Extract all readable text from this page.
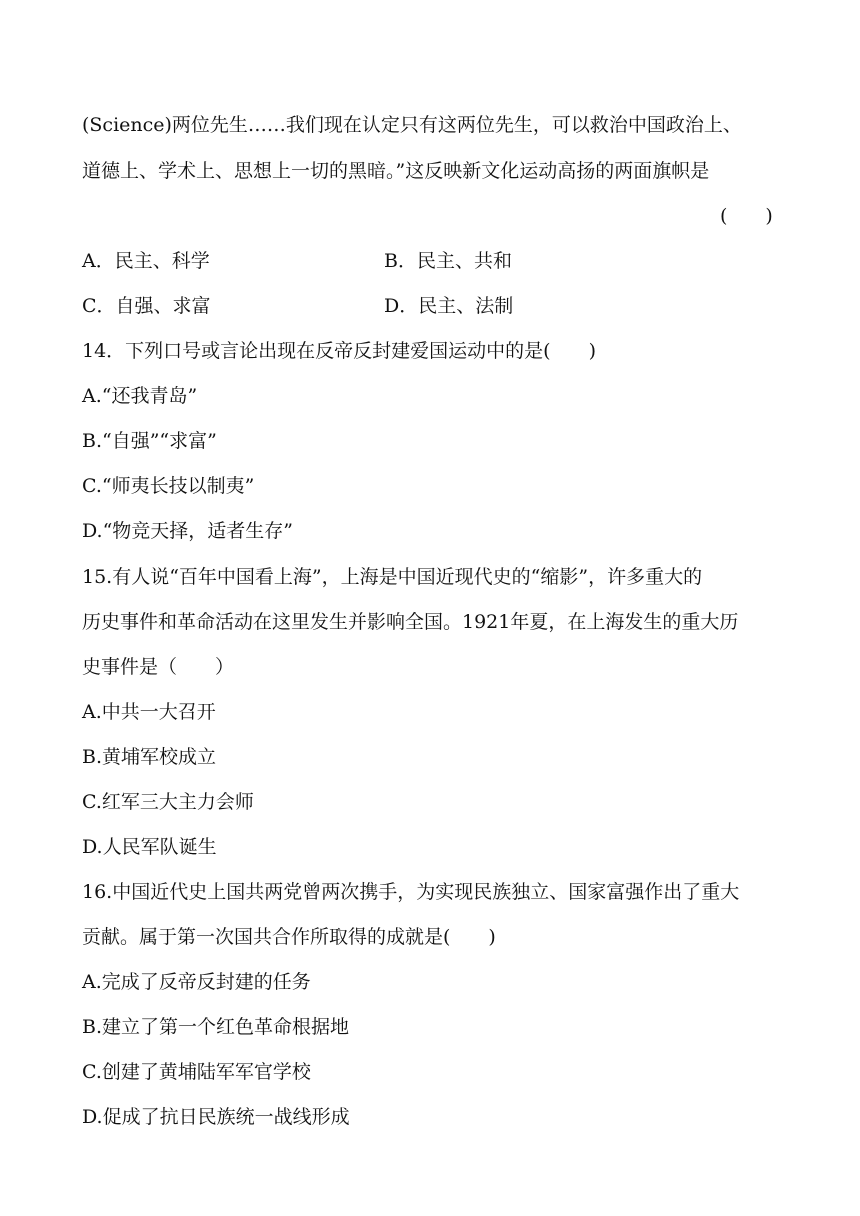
(Science)两位先生……我们现在认定只有这两位先生，可以救治中国政治上、
道德上、学术上、思想上一切的黑暗。”这反映新文化运动高扬的两面旗帜是
(　　)
A．民主、科学	B．民主、共和
C．自强、求富	D．民主、法制
14．下列口号或言论出现在反帝反封建爱国运动中的是(　　)
A.“还我青岛”
B.“自强”“求富”
C.“师夷长技以制夷”
D.“物竞天择，适者生存”
15.有人说“百年中国看上海”，上海是中国近现代史的“缩影”，许多重大的
历史事件和革命活动在这里发生并影响全国。1921年夏，在上海发生的重大历
史事件是（　　）
A.中共一大召开
B.黄埔军校成立
C.红军三大主力会师
D.人民军队诞生
16.中国近代史上国共两党曾两次携手，为实现民族独立、国家富强作出了重大
贡献。属于第一次国共合作所取得的成就是(　　)
A.完成了反帝反封建的任务
B.建立了第一个红色革命根据地
C.创建了黄埔陆军军官学校
D.促成了抗日民族统一战线形成
